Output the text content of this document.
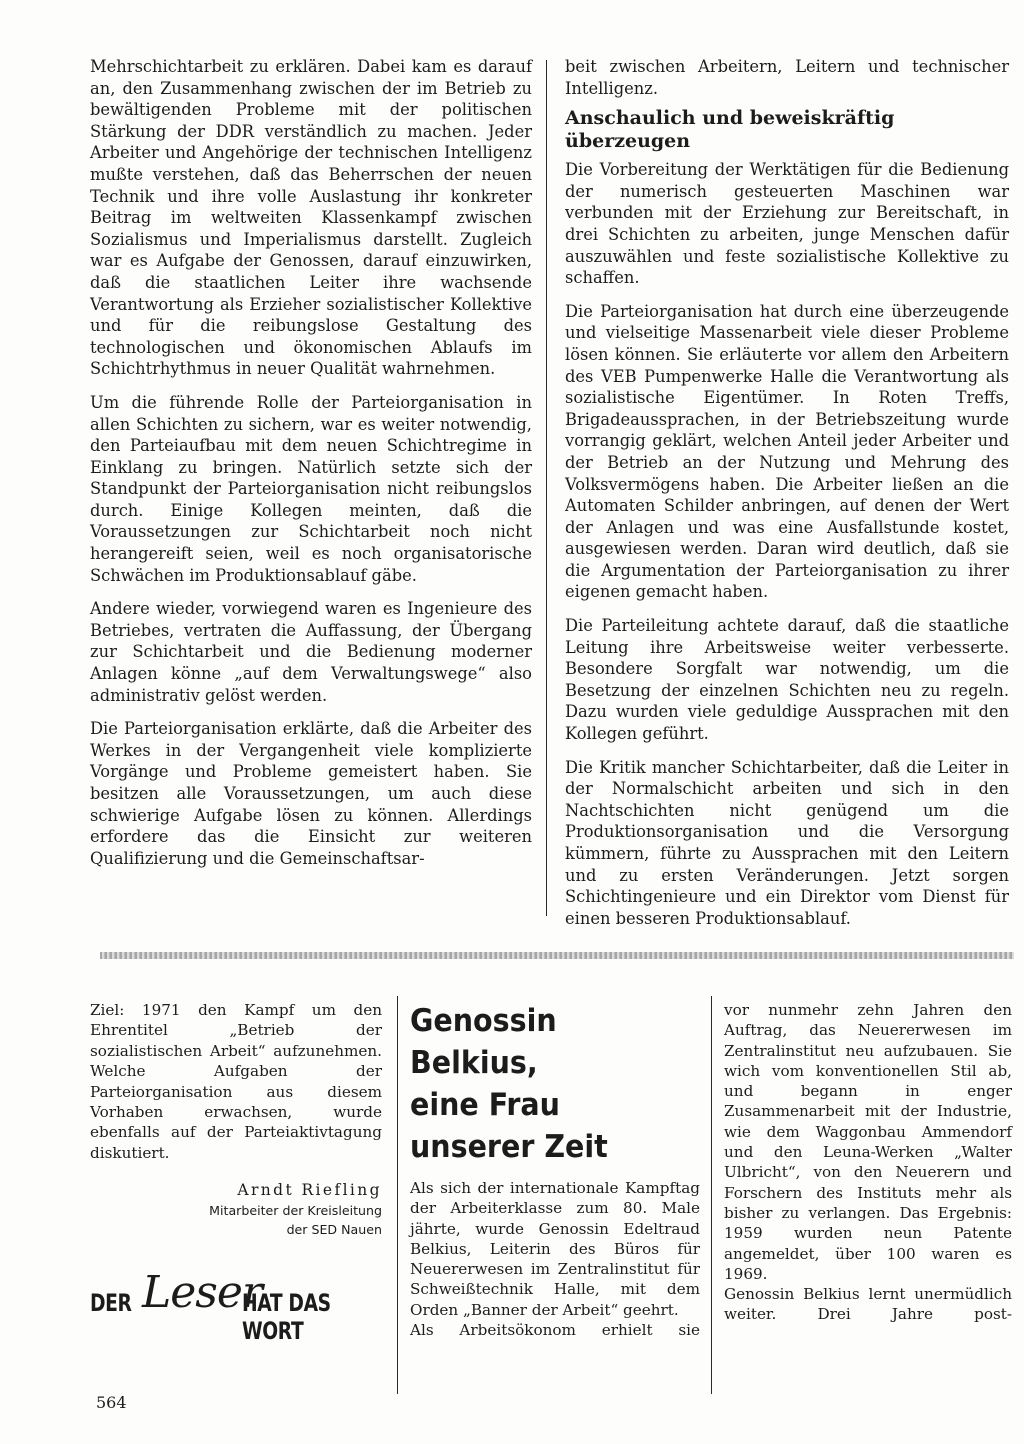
Mehrschichtarbeit zu erklären. Dabei kam es darauf an, den Zusammenhang zwischen der im Betrieb zu bewältigenden Probleme mit der politischen Stärkung der DDR verständlich zu machen. Jeder Arbeiter und Angehörige der technischen Intelligenz mußte verstehen, daß das Beherrschen der neuen Technik und ihre volle Auslastung ihr konkreter Beitrag im weltweiten Klassenkampf zwischen Sozialismus und Imperialismus darstellt. Zugleich war es Aufgabe der Genossen, darauf einzuwirken, daß die staatlichen Leiter ihre wachsende Verantwortung als Erzieher sozialistischer Kollektive und für die reibungslose Gestaltung des technologischen und ökonomischen Ablaufs im Schichtrhythmus in neuer Qualität wahrnehmen.

Um die führende Rolle der Parteiorganisation in allen Schichten zu sichern, war es weiter notwendig, den Parteiaufbau mit dem neuen Schichtregime in Einklang zu bringen. Natürlich setzte sich der Standpunkt der Parteiorganisation nicht reibungslos durch. Einige Kollegen meinten, daß die Voraussetzungen zur Schichtarbeit noch nicht herangereift seien, weil es noch organisatorische Schwächen im Produktionsablauf gäbe.

Andere wieder, vorwiegend waren es Ingenieure des Betriebes, vertraten die Auffassung, der Übergang zur Schichtarbeit und die Bedienung moderner Anlagen könne „auf dem Verwaltungswege“ also administrativ gelöst werden.

Die Parteiorganisation erklärte, daß die Arbeiter des Werkes in der Vergangenheit viele komplizierte Vorgänge und Probleme gemeistert haben. Sie besitzen alle Voraussetzungen, um auch diese schwierige Aufgabe lösen zu können. Allerdings erfordere das die Einsicht zur weiteren Qualifizierung und die Gemeinschaftsar-

beit zwischen Arbeitern, Leitern und technischer Intelligenz.

Anschaulich und beweiskräftig überzeugen

Die Vorbereitung der Werktätigen für die Bedienung der numerisch gesteuerten Maschinen war verbunden mit der Erziehung zur Bereitschaft, in drei Schichten zu arbeiten, junge Menschen dafür auszuwählen und feste sozialistische Kollektive zu schaffen.

Die Parteiorganisation hat durch eine überzeugende und vielseitige Massenarbeit viele dieser Probleme lösen können. Sie erläuterte vor allem den Arbeitern des VEB Pumpenwerke Halle die Verantwortung als sozialistische Eigentümer. In Roten Treffs, Brigadeaussprachen, in der Betriebszeitung wurde vorrangig geklärt, welchen Anteil jeder Arbeiter und der Betrieb an der Nutzung und Mehrung des Volksvermögens haben. Die Arbeiter ließen an die Automaten Schilder anbringen, auf denen der Wert der Anlagen und was eine Ausfallstunde kostet, ausgewiesen werden. Daran wird deutlich, daß sie die Argumentation der Parteiorganisation zu ihrer eigenen gemacht haben.

Die Parteileitung achtete darauf, daß die staatliche Leitung ihre Arbeitsweise weiter verbesserte. Besondere Sorgfalt war notwendig, um die Besetzung der einzelnen Schichten neu zu regeln. Dazu wurden viele geduldige Aussprachen mit den Kollegen geführt.

Die Kritik mancher Schichtarbeiter, daß die Leiter in der Normalschicht arbeiten und sich in den Nachtschichten nicht genügend um die Produktionsorganisation und die Versorgung kümmern, führte zu Aussprachen mit den Leitern und zu ersten Veränderungen. Jetzt sorgen Schichtingenieure und ein Direktor vom Dienst für einen besseren Produktionsablauf.

Ziel: 1971 den Kampf um den Ehrentitel „Betrieb der sozialistischen Arbeit“ aufzunehmen. Welche Aufgaben der Parteiorganisation aus diesem Vorhaben erwachsen, wurde ebenfalls auf der Parteiaktivtagung diskutiert.

Arndt Riefling
Mitarbeiter der Kreisleitung
der SED Nauen
DER Leser
HAT DAS WORT
564
Genossin Belkius,
eine Frau
unserer Zeit

Als sich der internationale Kampftag der Arbeiterklasse zum 80. Male jährte, wurde Genossin Edeltraud Belkius, Leiterin des Büros für Neuererwesen im Zentralinstitut für Schweißtechnik Halle, mit dem Orden „Banner der Arbeit“ geehrt.

Als Arbeitsökonom erhielt sie

vor nunmehr zehn Jahren den Auftrag, das Neuererwesen im Zentralinstitut neu aufzubauen. Sie wich vom konventionellen Stil ab, und begann in enger Zusammenarbeit mit der Industrie, wie dem Waggonbau Ammendorf und den Leuna-Werken „Walter Ulbricht“, von den Neuerern und Forschern des Instituts mehr als bisher zu verlangen. Das Ergebnis: 1959 wurden neun Patente angemeldet, über 100 waren es 1969.

Genossin Belkius lernt unermüdlich weiter. Drei Jahre post-
